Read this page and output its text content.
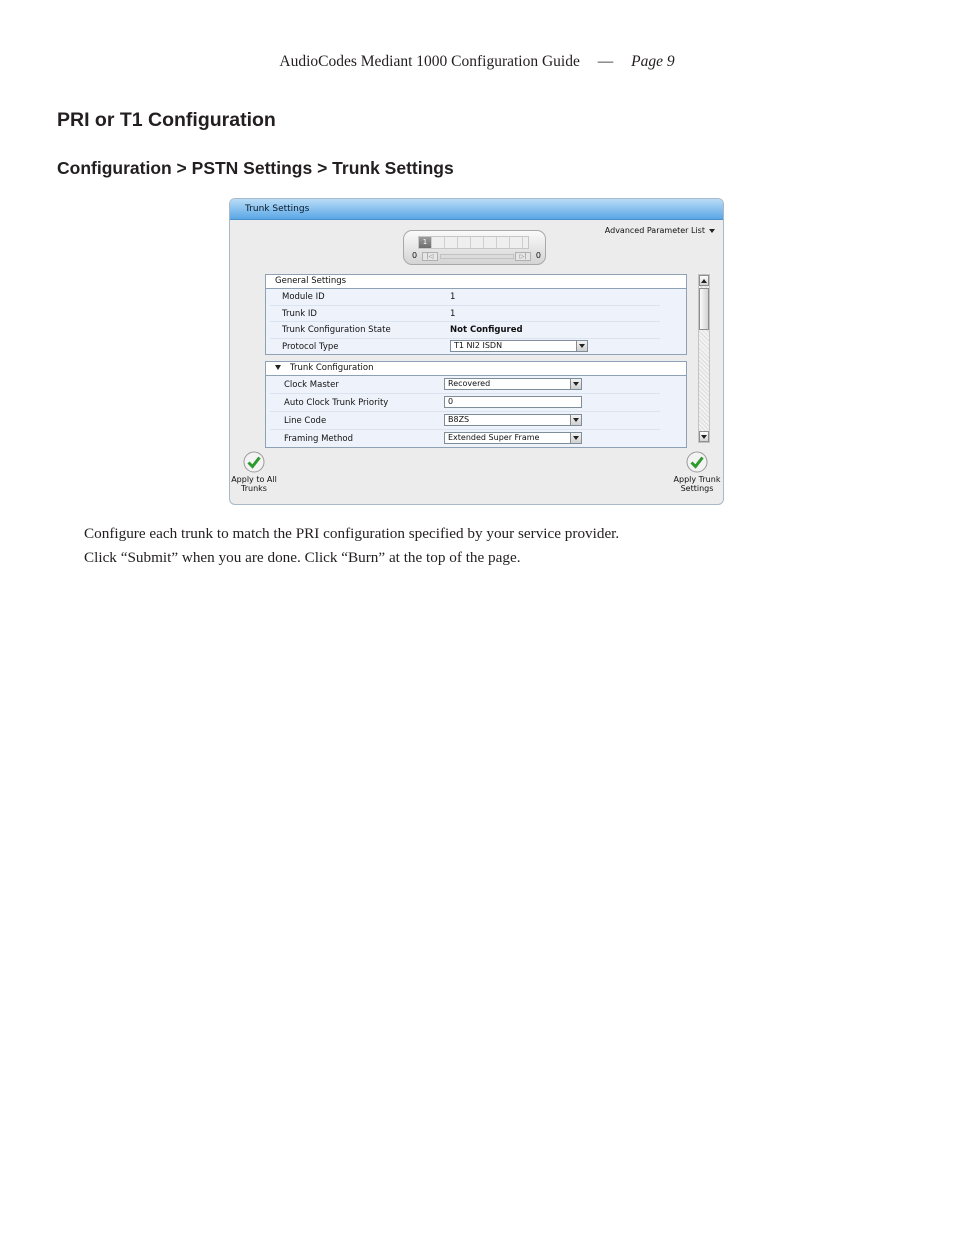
AudioCodes Mediant 1000 Configuration Guide — Page 9
PRI or T1 Configuration
Configuration > PSTN Settings > Trunk Settings
Trunk Settings
Advanced Parameter List
1
0	|◁	▷|	0
General Settings
Module ID	1
Trunk ID	1
Trunk Configuration State	Not Configured
Protocol Type	T1 NI2 ISDN
Trunk Configuration
Clock Master	Recovered
Auto Clock Trunk Priority	0
Line Code	B8ZS
Framing Method	Extended Super Frame
Apply to All Trunks
Apply Trunk Settings

Configure each trunk to match the PRI configuration specified by your service provider.

Click “Submit” when you are done. Click “Burn” at the top of the page.
